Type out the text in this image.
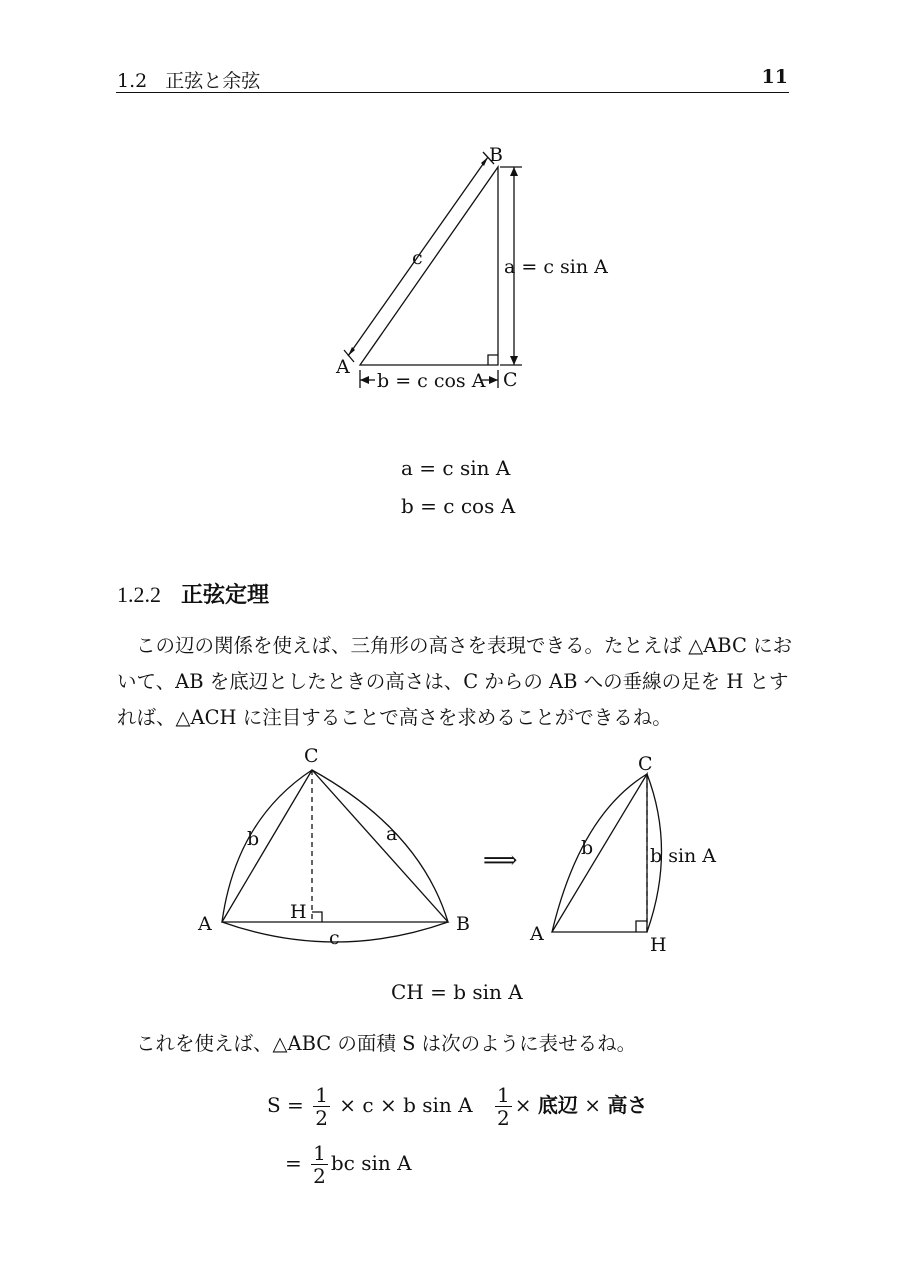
1.2 正弦と余弦	11
B
A
C
c	a = c sin A
b = c cos A
a = c sin A
b = c cos A
1.2.2 正弦定理

この辺の関係を使えば、三角形の高さを表現できる。たとえば △ABC において、AB を底辺としたときの高さは、C からの AB への垂線の足を H とすれば、△ACH に注目することで高さを求めることができるね。

C
A	B
H
b	a
c
⟹
C
A	H
b	b sin A
CH = b sin A

これを使えば、△ABC の面積 S は次のように表せるね。

$S = \frac{1}{2} \times c \times b$ sin A $\frac{1}{2}$ × 底辺 × 高さ
= $\frac{1}{2}$ bc sin A
